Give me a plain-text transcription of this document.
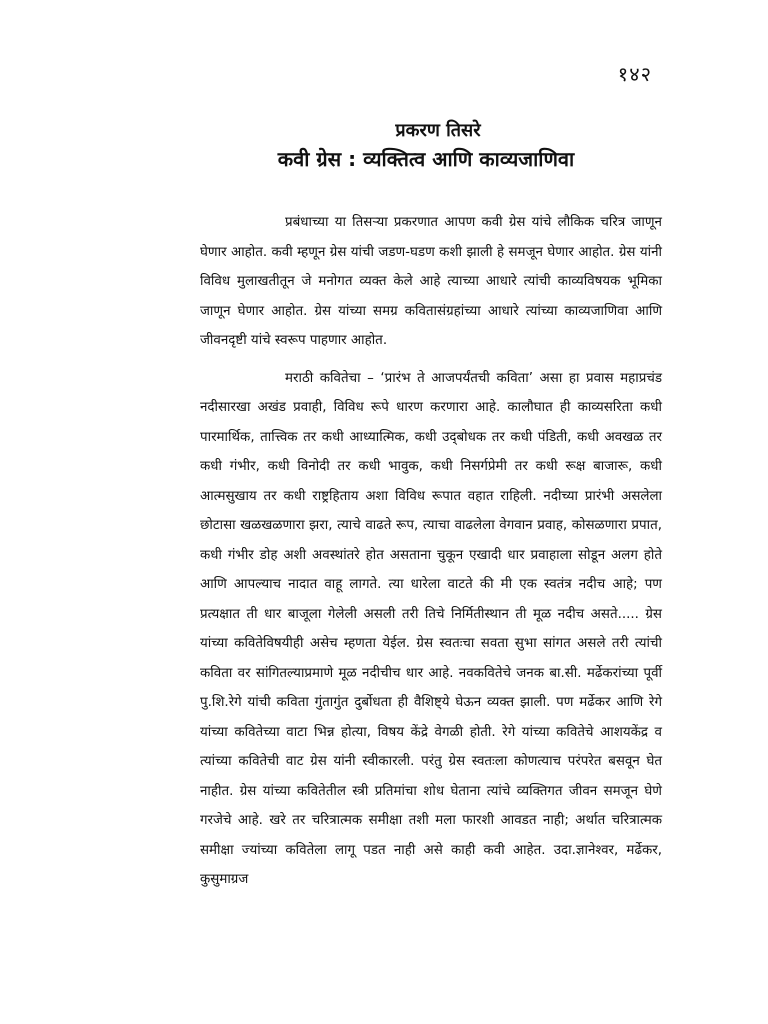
१४२
प्रकरण तिसरे
कवी ग्रेस : व्यक्तित्व आणि काव्यजाणिवा

प्रबंधाच्या या तिसऱ्या प्रकरणात आपण कवी ग्रेस यांचे लौकिक चरित्र जाणून घेणार आहोत. कवी म्हणून ग्रेस यांची जडण-घडण कशी झाली हे समजून घेणार आहोत. ग्रेस यांनी विविध मुलाखतीतून जे मनोगत व्यक्त केले आहे त्याच्या आधारे त्यांची काव्यविषयक भूमिका जाणून घेणार आहोत. ग्रेस यांच्या समग्र कवितासंग्रहांच्या आधारे त्यांच्या काव्यजाणिवा आणि जीवनदृष्टी यांचे स्वरूप पाहणार आहोत.

मराठी कवितेचा – ‘प्रारंभ ते आजपर्यंतची कविता’ असा हा प्रवास महाप्रचंड नदीसारखा अखंड प्रवाही, विविध रूपे धारण करणारा आहे. कालौघात ही काव्यसरिता कधी पारमार्थिक, तात्त्विक तर कधी आध्यात्मिक, कधी उद्‌बोधक तर कधी पंडिती, कधी अवखळ तर कधी गंभीर, कधी विनोदी तर कधी भावुक, कधी निसर्गप्रेमी तर कधी रूक्ष बाजारू, कधी आत्मसुखाय तर कधी राष्ट्रहिताय अशा विविध रूपात वहात राहिली. नदीच्या प्रारंभी असलेला छोटासा खळखळणारा झरा, त्याचे वाढते रूप, त्याचा वाढलेला वेगवान प्रवाह, कोसळणारा प्रपात, कधी गंभीर डोह अशी अवस्थांतरे होत असताना चुकून एखादी धार प्रवाहाला सोडून अलग होते आणि आपल्याच नादात वाहू लागते. त्या धारेला वाटते की मी एक स्वतंत्र नदीच आहे; पण प्रत्यक्षात ती धार बाजूला गेलेली असली तरी तिचे निर्मितीस्थान ती मूळ नदीच असते..... ग्रेस यांच्या कवितेविषयीही असेच म्हणता येईल. ग्रेस स्वतःचा सवता सुभा सांगत असले तरी त्यांची कविता वर सांगितल्याप्रमाणे मूळ नदीचीच धार आहे. नवकवितेचे जनक बा.सी. मर्ढेकरांच्या पूर्वी पु.शि.रेगे यांची कविता गुंतागुंत दुर्बोधता ही वैशिष्ट्ये घेऊन व्यक्त झाली. पण मर्ढेकर आणि रेगे यांच्या कवितेच्या वाटा भिन्न होत्या, विषय केंद्रे वेगळी होती. रेगे यांच्या कवितेचे आशयकेंद्र व त्यांच्या कवितेची वाट ग्रेस यांनी स्वीकारली. परंतु ग्रेस स्वतःला कोणत्याच परंपरेत बसवून घेत नाहीत. ग्रेस यांच्या कवितेतील स्त्री प्रतिमांचा शोध घेताना त्यांचे व्यक्तिगत जीवन समजून घेणे गरजेचे आहे. खरे तर चरित्रात्मक समीक्षा तशी मला फारशी आवडत नाही; अर्थात चरित्रात्मक समीक्षा ज्यांच्या कवितेला लागू पडत नाही असे काही कवी आहेत. उदा.ज्ञानेश्वर, मर्ढेकर, कुसुमाग्रज
